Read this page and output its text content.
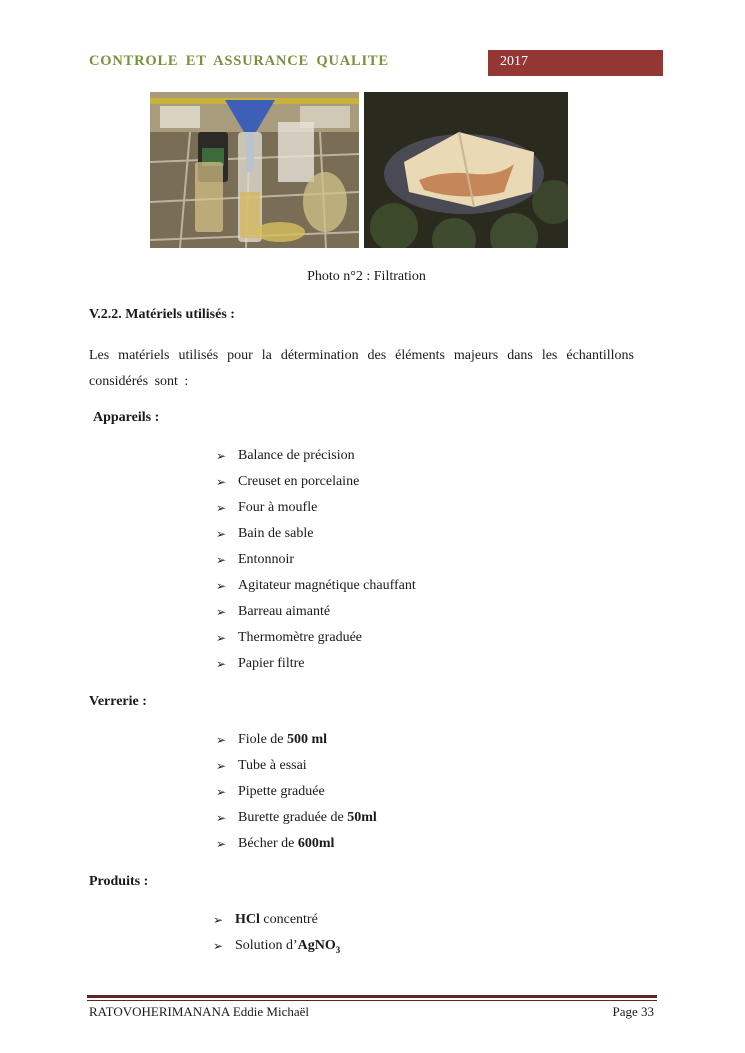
CONTROLE ET ASSURANCE QUALITE	2017
Photo n°2 : Filtration
V.2.2. Matériels utilisés :
Les matériels utilisés pour la détermination des éléments majeurs dans les échantillons considérés sont :
Appareils :
➢ Balance de précision
➢ Creuset en porcelaine
➢ Four à moufle
➢ Bain de sable
➢ Entonnoir
➢ Agitateur magnétique chauffant
➢ Barreau aimanté
➢ Thermomètre graduée
➢ Papier filtre
Verrerie :
➢ Fiole de 500 ml
➢ Tube à essai
➢ Pipette graduée
➢ Burette graduée de 50ml
➢ Bécher de 600ml
Produits :
➢ HCl concentré
➢ Solution d’AgNO$_3$
RATOVOHERIMANANA Eddie Michaël	Page 33
